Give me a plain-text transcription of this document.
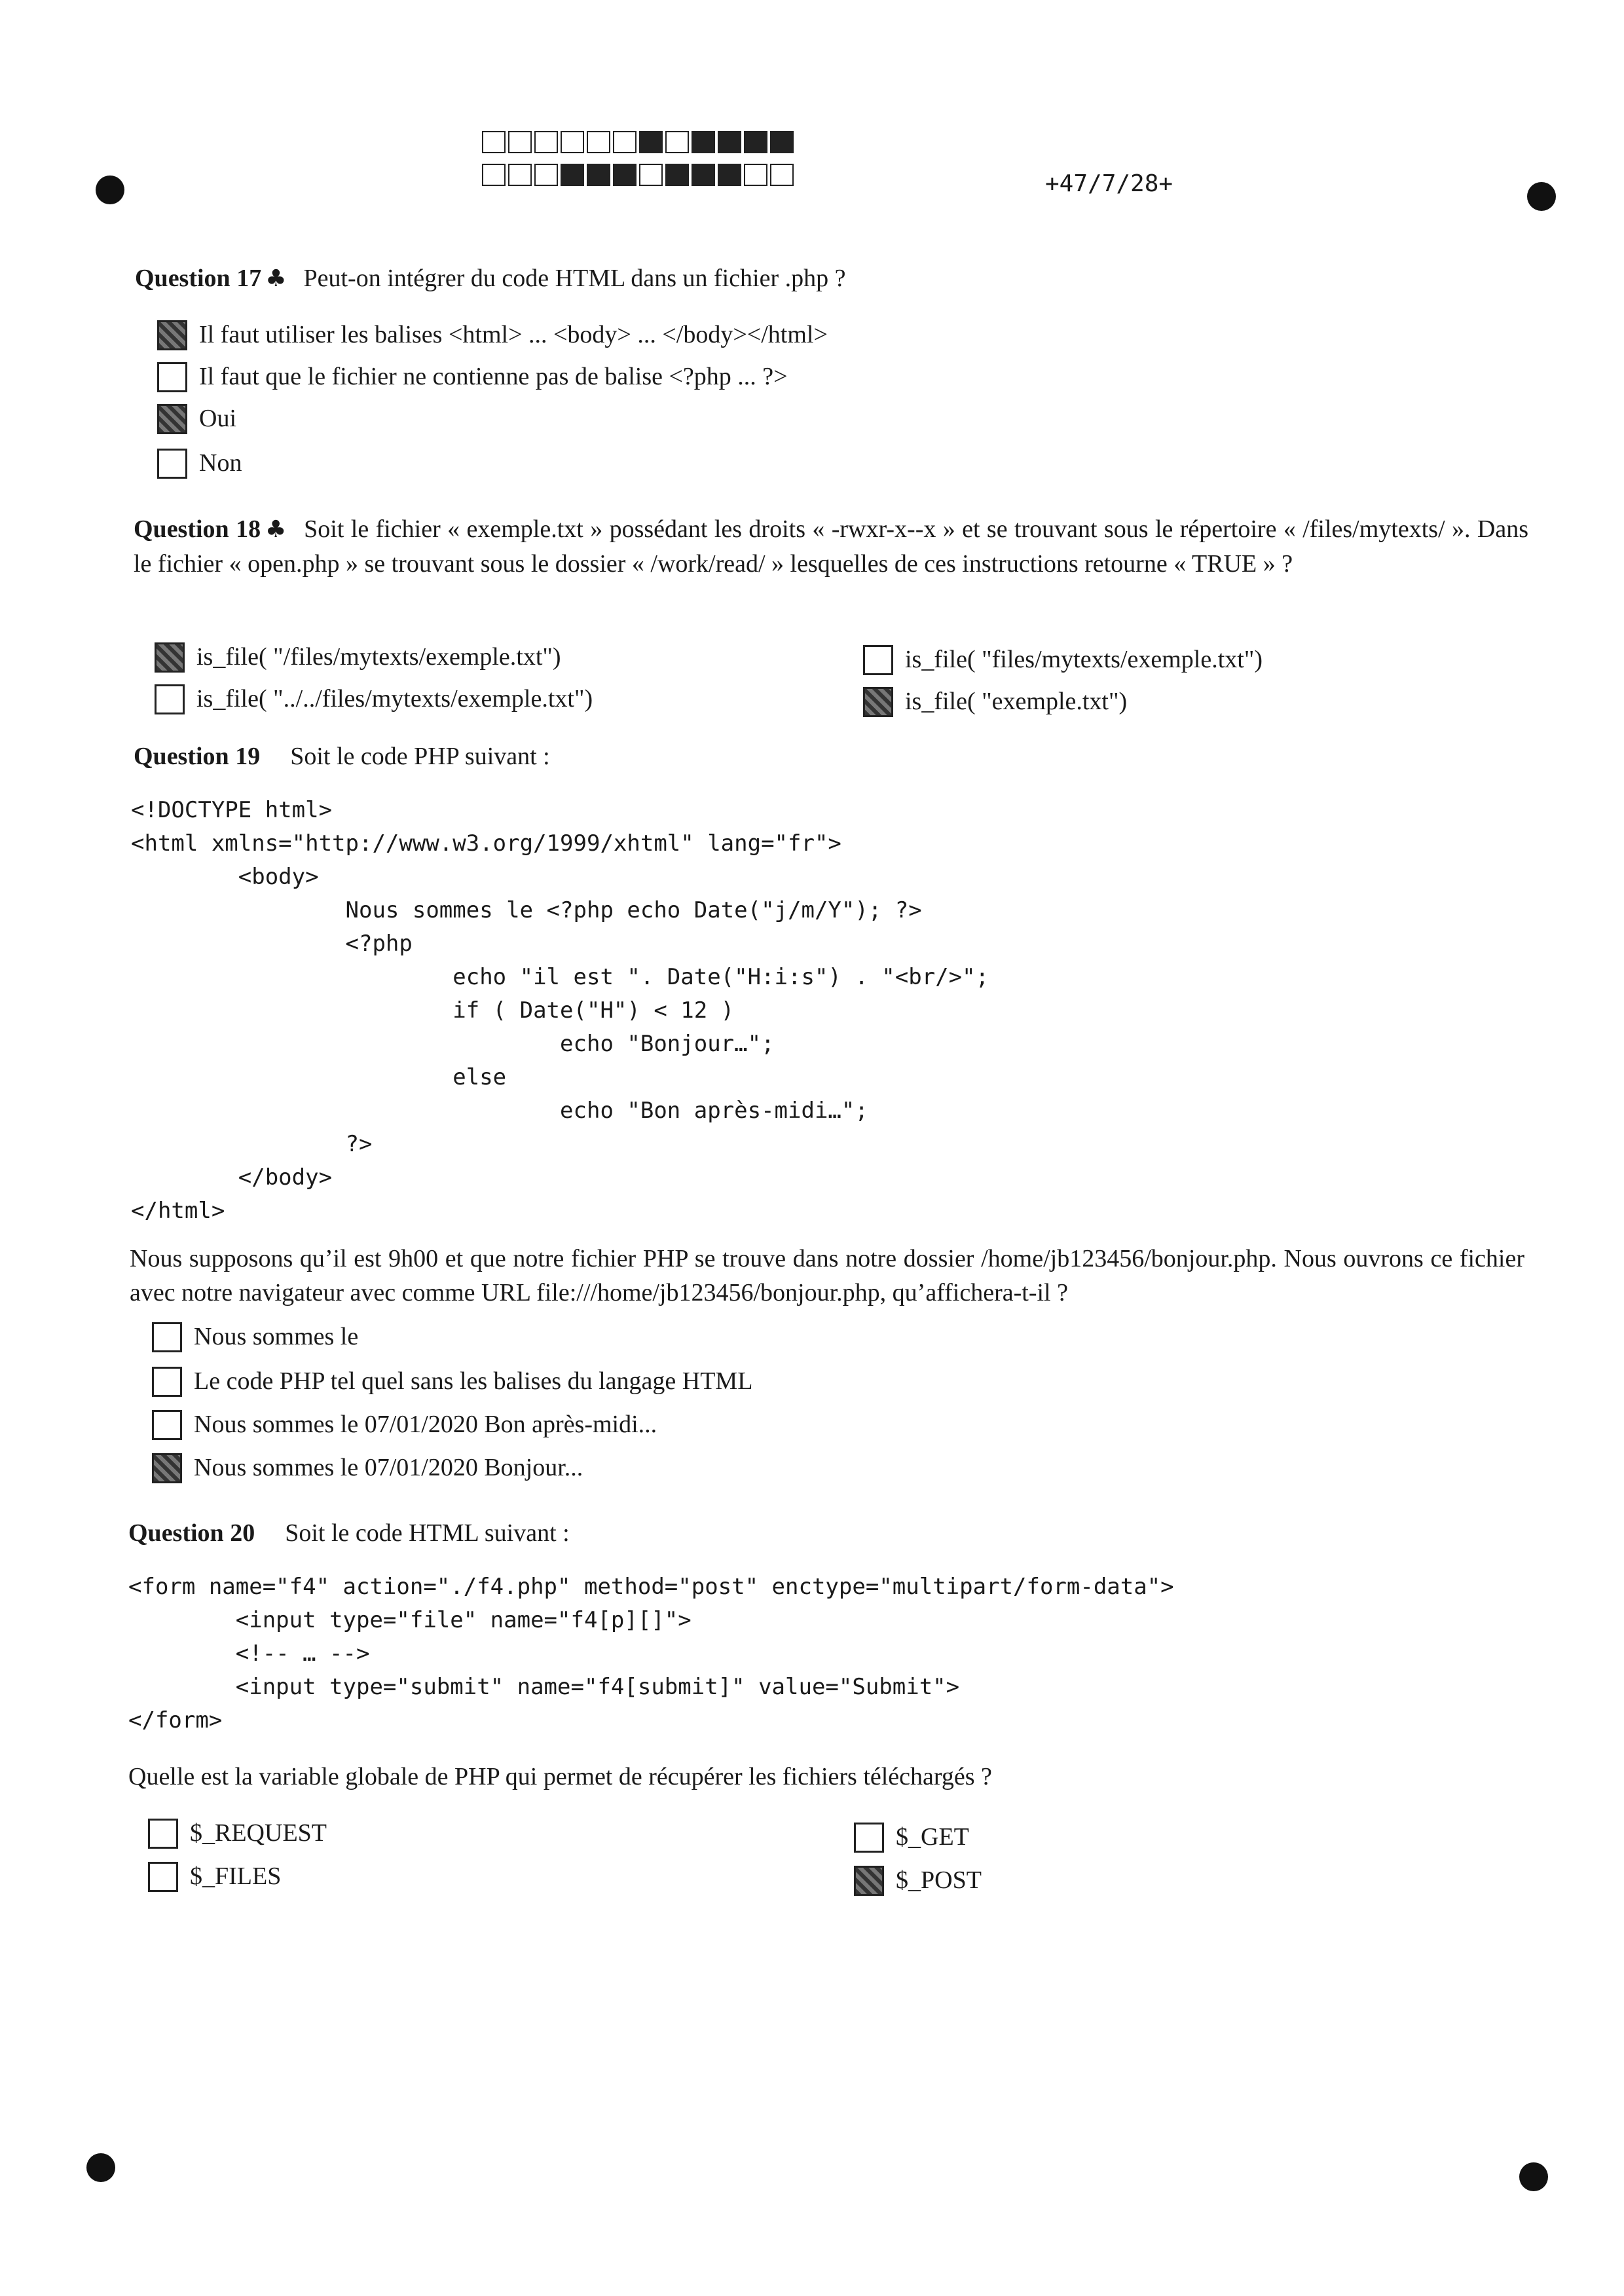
+47/7/28+
Question 17 ♣ Peut-on intégrer du code HTML dans un fichier .php ?
Il faut utiliser les balises <html> ... <body> ... </body></html>
Il faut que le fichier ne contienne pas de balise <?php ... ?>
Oui
Non
Question 18 ♣ Soit le fichier « exemple.txt » possédant les droits « -rwxr-x--x » et se trouvant sous le répertoire « /files/mytexts/ ». Dans le fichier « open.php » se trouvant sous le dossier « /work/read/ » lesquelles de ces instructions retourne « TRUE » ?
is_file( "/files/mytexts/exemple.txt")
is_file( "../../files/mytexts/exemple.txt")
is_file( "files/mytexts/exemple.txt")
is_file( "exemple.txt")
Question 19 Soit le code PHP suivant :
<!DOCTYPE html>
<html xmlns="http://www.w3.org/1999/xhtml" lang="fr">
<body>
Nous sommes le <?php echo Date("j/m/Y"); ?>
<?php
echo "il est ". Date("H:i:s") . "<br/>";
if ( Date("H") < 12 )
echo "Bonjour…";
else
echo "Bon après-midi…";
?>
</body>
</html>
Nous supposons qu’il est 9h00 et que notre fichier PHP se trouve dans notre dossier /home/jb123456/bonjour.php. Nous ouvrons ce fichier avec notre navigateur avec comme URL file:///home/jb123456/bonjour.php, qu’affichera-t-il ?
Nous sommes le
Le code PHP tel quel sans les balises du langage HTML
Nous sommes le 07/01/2020 Bon après-midi...
Nous sommes le 07/01/2020 Bonjour...
Question 20 Soit le code HTML suivant :
<form name="f4" action="./f4.php" method="post" enctype="multipart/form-data">
<input type="file" name="f4[p][]">
<!-- … -->
<input type="submit" name="f4[submit]" value="Submit">
</form>
Quelle est la variable globale de PHP qui permet de récupérer les fichiers téléchargés ?
$_REQUEST
$_FILES
$_GET
$_POST
